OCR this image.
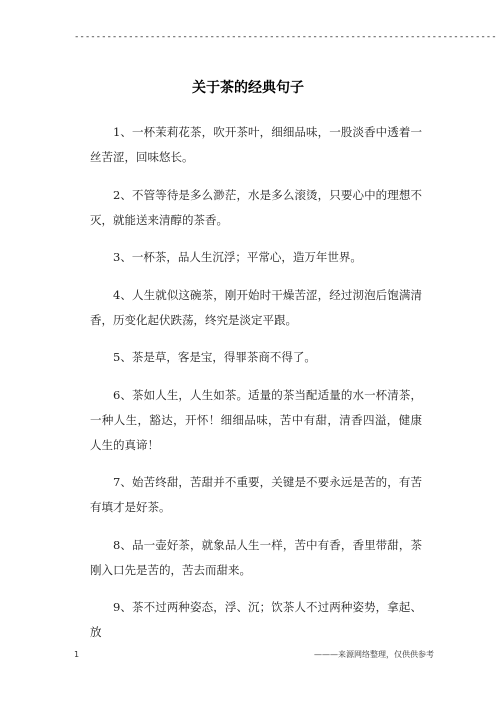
------------------------------------------------------------------------------
关于茶的经典句子

1、一杯茉莉花茶，吹开茶叶，细细品味，一股淡香中透着一丝苦涩，回味悠长。

2、不管等待是多么渺茫，水是多么滚烫，只要心中的理想不灭，就能送来清醇的茶香。

3、一杯茶，品人生沉浮；平常心，造万年世界。

4、人生就似这碗茶，刚开始时干燥苦涩，经过沏泡后饱满清香，历变化起伏跌荡，终究是淡定平跟。

5、茶是草，客是宝，得罪茶商不得了。

6、茶如人生，人生如茶。适量的茶当配适量的水一杯清茶，一种人生，豁达，开怀！细细品味，苦中有甜，清香四溢，健康人生的真谛！

7、始苦终甜，苦甜并不重要，关键是不要永远是苦的，有苦有填才是好茶。

8、品一壶好茶，就象品人生一样，苦中有香，香里带甜，茶刚入口先是苦的，苦去而甜来。

9、茶不过两种姿态，浮、沉；饮茶人不过两种姿势，拿起、放

1	———来源网络整理，仅供供参考
